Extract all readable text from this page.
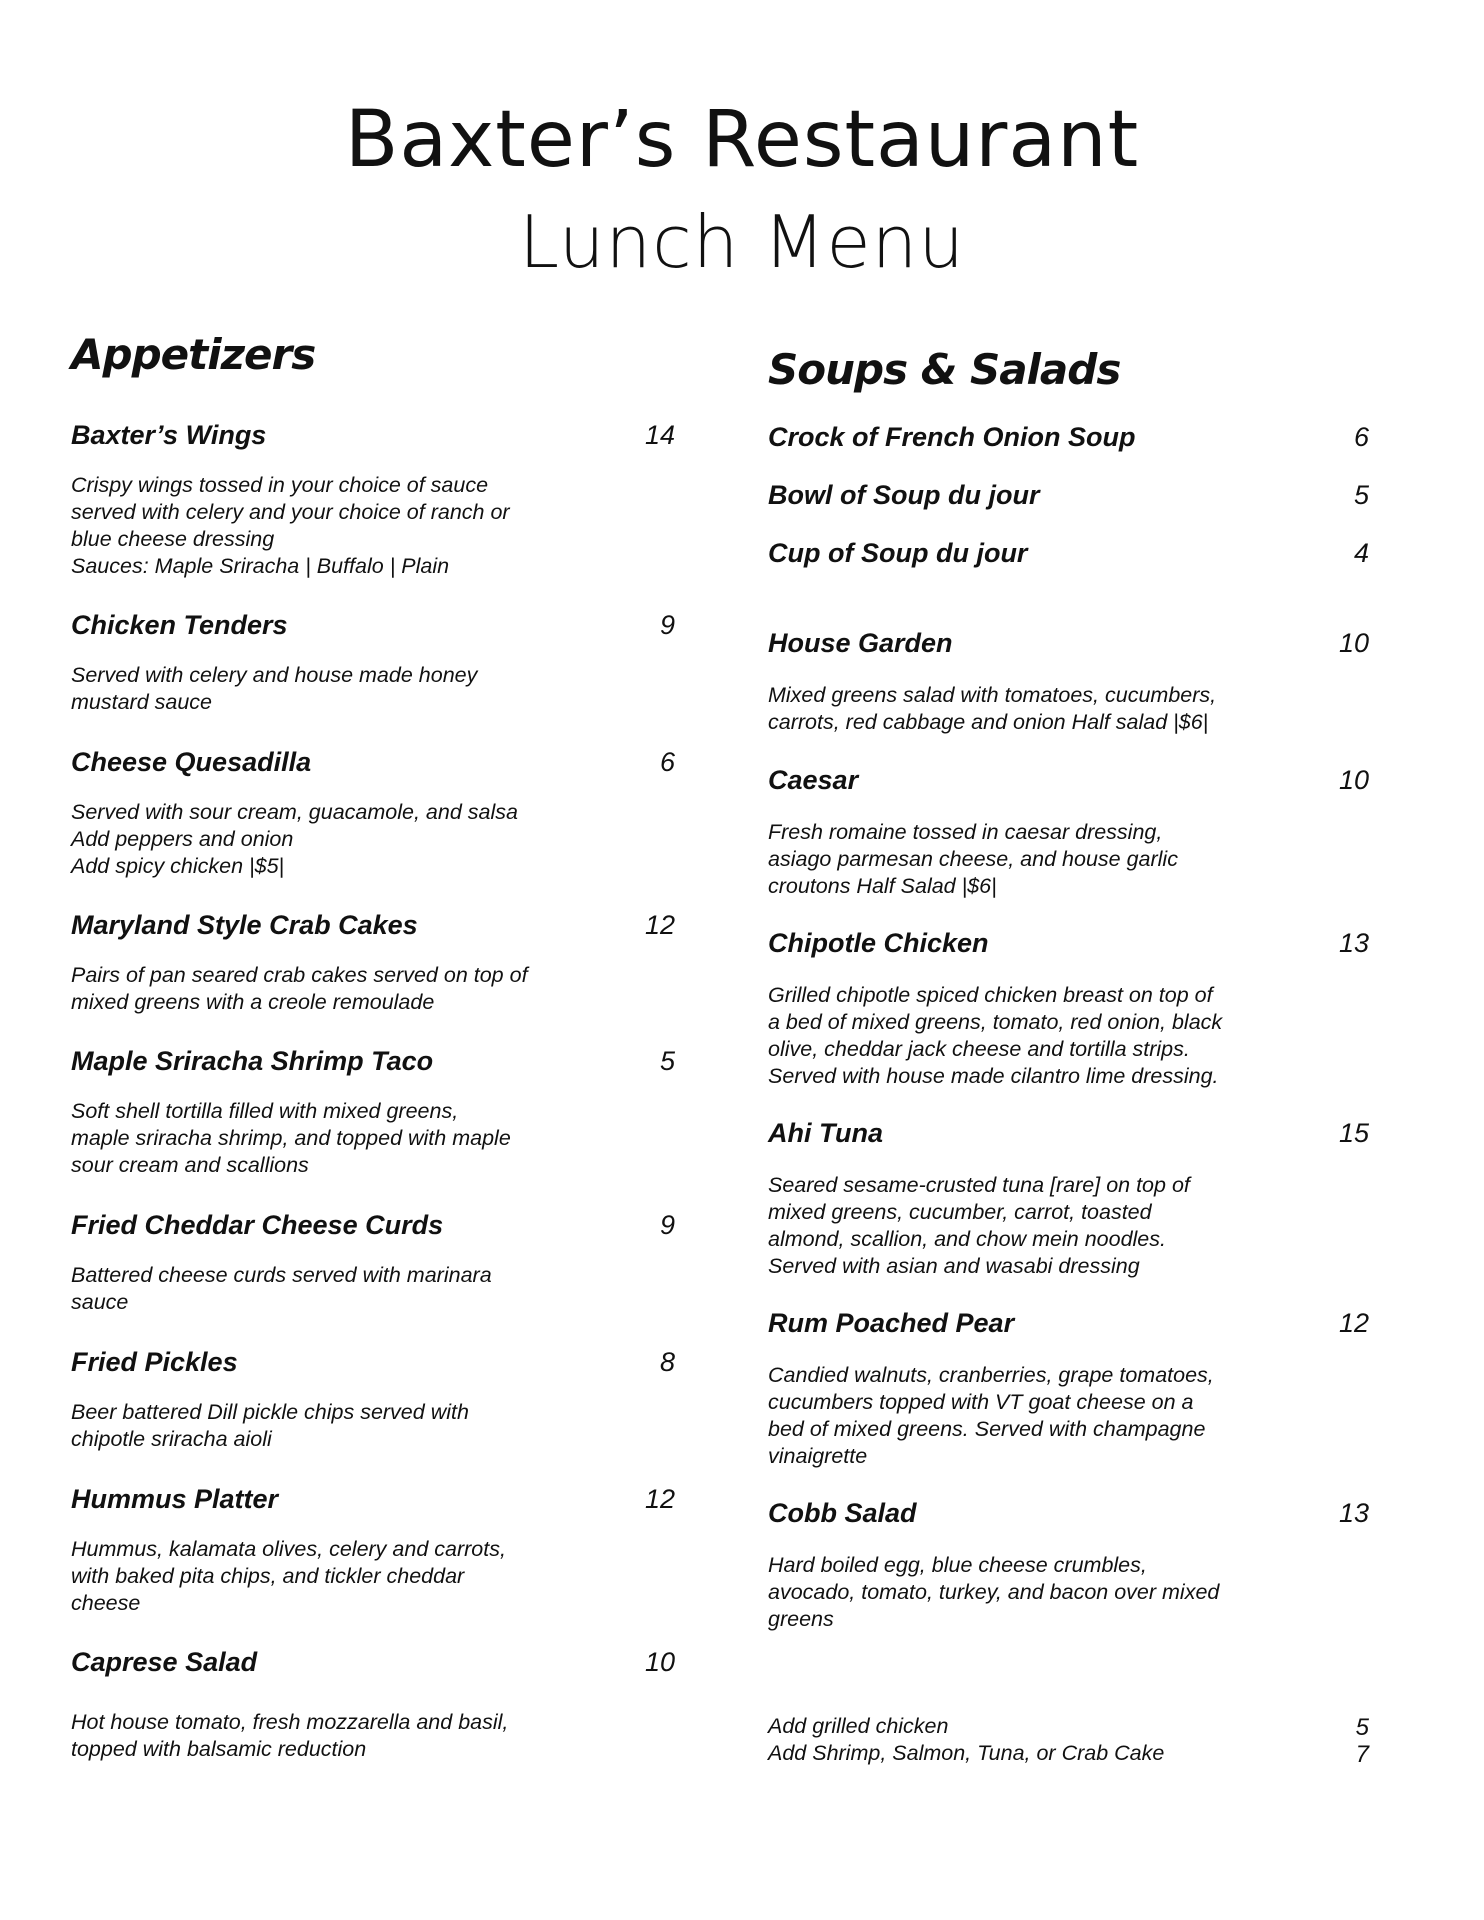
Baxter’s Restaurant
Lunch Menu
Appetizers
Baxter’s Wings	14
Crispy wings tossed in your choice of sauce
served with celery and your choice of ranch or
blue cheese dressing
Sauces: Maple Sriracha | Buffalo | Plain
Chicken Tenders	9
Served with celery and house made honey
mustard sauce
Cheese Quesadilla	6
Served with sour cream, guacamole, and salsa
Add peppers and onion
Add spicy chicken |$5|
Maryland Style Crab Cakes	12
Pairs of pan seared crab cakes served on top of
mixed greens with a creole remoulade
Maple Sriracha Shrimp Taco	5
Soft shell tortilla filled with mixed greens,
maple sriracha shrimp, and topped with maple
sour cream and scallions
Fried Cheddar Cheese Curds	9
Battered cheese curds served with marinara
sauce
Fried Pickles	8
Beer battered Dill pickle chips served with
chipotle sriracha aioli
Hummus Platter	12
Hummus, kalamata olives, celery and carrots,
with baked pita chips, and tickler cheddar
cheese
Caprese Salad	10
Hot house tomato, fresh mozzarella and basil,
topped with balsamic reduction
Soups & Salads
Crock of French Onion Soup	6
Bowl of Soup du jour	5
Cup of Soup du jour	4
House Garden	10
Mixed greens salad with tomatoes, cucumbers,
carrots, red cabbage and onion Half salad |$6|
Caesar	10
Fresh romaine tossed in caesar dressing,
asiago parmesan cheese, and house garlic
croutons Half Salad |$6|
Chipotle Chicken	13
Grilled chipotle spiced chicken breast on top of
a bed of mixed greens, tomato, red onion, black
olive, cheddar jack cheese and tortilla strips.
Served with house made cilantro lime dressing.
Ahi Tuna	15
Seared sesame-crusted tuna [rare] on top of
mixed greens, cucumber, carrot, toasted
almond, scallion, and chow mein noodles.
Served with asian and wasabi dressing
Rum Poached Pear	12
Candied walnuts, cranberries, grape tomatoes,
cucumbers topped with VT goat cheese on a
bed of mixed greens. Served with champagne
vinaigrette
Cobb Salad	13
Hard boiled egg, blue cheese crumbles,
avocado, tomato, turkey, and bacon over mixed
greens
Add grilled chicken	5
Add Shrimp, Salmon, Tuna, or Crab Cake	7
